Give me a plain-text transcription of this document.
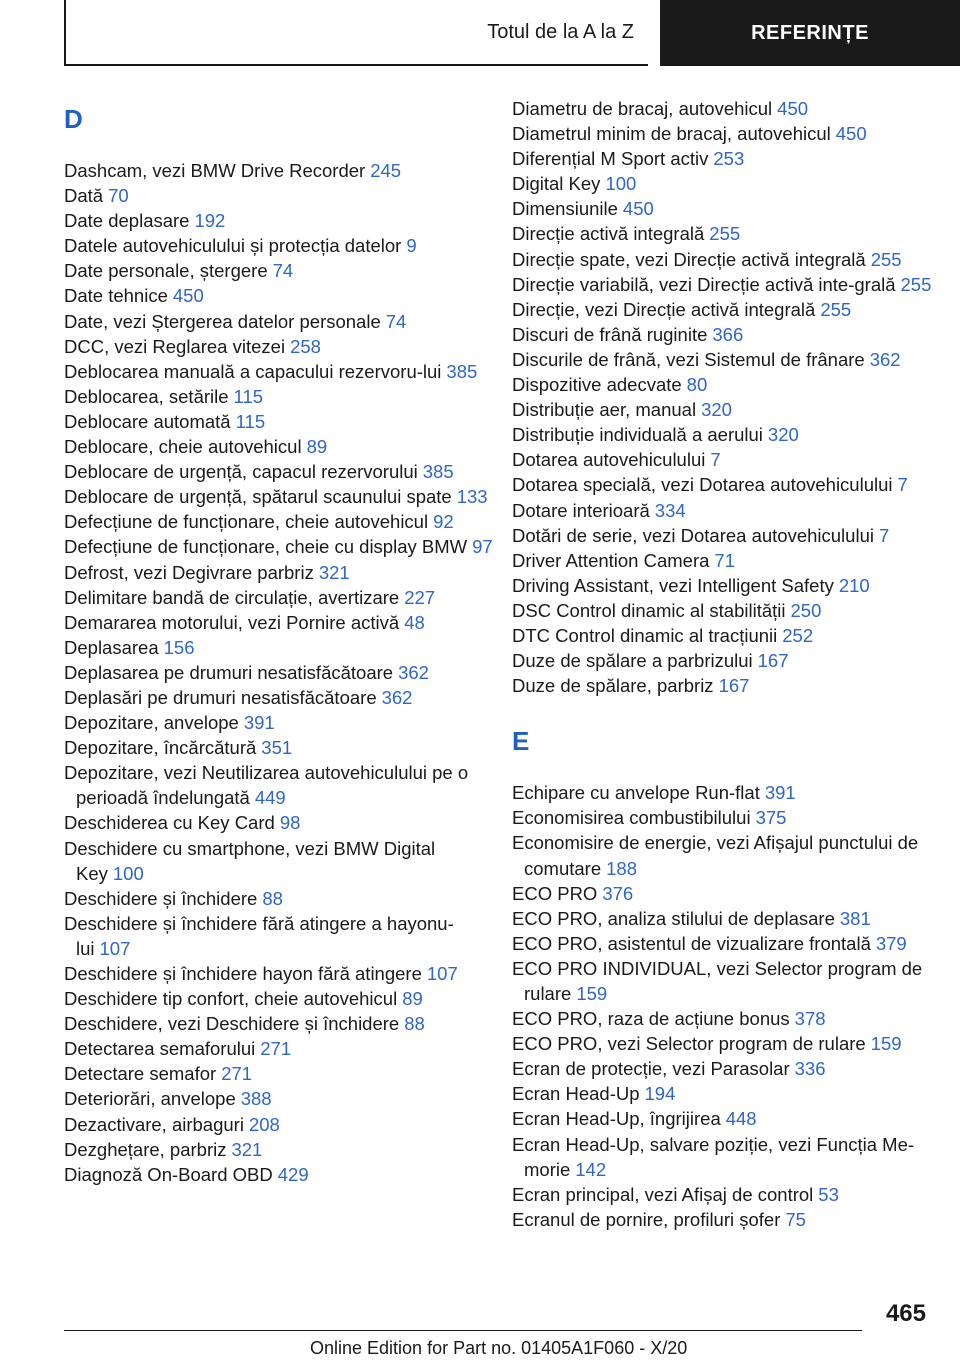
Totul de la A la Z	REFERINȚE
D
Dashcam, vezi BMW Drive Recorder 245
Dată 70
Date deplasare 192
Datele autovehiculului și protecția datelor 9
Date personale, ștergere 74
Date tehnice 450
Date, vezi Ștergerea datelor personale 74
DCC, vezi Reglarea vitezei 258
Deblocarea manuală a capacului rezervoru‐lui 385
Deblocarea, setările 115
Deblocare automată 115
Deblocare, cheie autovehicul 89
Deblocare de urgență, capacul rezervorului 385
Deblocare de urgență, spătarul scaunului spate 133
Defecțiune de funcționare, cheie autovehicul 92
Defecțiune de funcționare, cheie cu display BMW 97
Defrost, vezi Degivrare parbriz 321
Delimitare bandă de circulație, avertizare 227
Demararea motorului, vezi Pornire activă 48
Deplasarea 156
Deplasarea pe drumuri nesatisfăcătoare 362
Deplasări pe drumuri nesatisfăcătoare 362
Depozitare, anvelope 391
Depozitare, încărcătură 351
Depozitare, vezi Neutilizarea autovehiculului pe o perioadă îndelungată 449
Deschiderea cu Key Card 98
Deschidere cu smartphone, vezi BMW Digital Key 100
Deschidere și închidere 88
Deschidere și închidere fără atingere a hayonu‐lui 107
Deschidere și închidere hayon fără atingere 107
Deschidere tip confort, cheie autovehicul 89
Deschidere, vezi Deschidere și închidere 88
Detectarea semaforului 271
Detectare semafor 271
Deteriorări, anvelope 388
Dezactivare, airbaguri 208
Dezghețare, parbriz 321
Diagnoză On-Board OBD 429
Diametru de bracaj, autovehicul 450
Diametrul minim de bracaj, autovehicul 450
Diferențial M Sport activ 253
Digital Key 100
Dimensiunile 450
Direcție activă integrală 255
Direcție spate, vezi Direcție activă integrală 255
Direcție variabilă, vezi Direcție activă inte‐grală 255
Direcție, vezi Direcție activă integrală 255
Discuri de frână ruginite 366
Discurile de frână, vezi Sistemul de frânare 362
Dispozitive adecvate 80
Distribuție aer, manual 320
Distribuție individuală a aerului 320
Dotarea autovehiculului 7
Dotarea specială, vezi Dotarea autovehiculului 7
Dotare interioară 334
Dotări de serie, vezi Dotarea autovehiculului 7
Driver Attention Camera 71
Driving Assistant, vezi Intelligent Safety 210
DSC Control dinamic al stabilității 250
DTC Control dinamic al tracțiunii 252
Duze de spălare a parbrizului 167
Duze de spălare, parbriz 167
E
Echipare cu anvelope Run-flat 391
Economisirea combustibilului 375
Economisire de energie, vezi Afișajul punctului de comutare 188
ECO PRO 376
ECO PRO, analiza stilului de deplasare 381
ECO PRO, asistentul de vizualizare frontală 379
ECO PRO INDIVIDUAL, vezi Selector program de rulare 159
ECO PRO, raza de acțiune bonus 378
ECO PRO, vezi Selector program de rulare 159
Ecran de protecție, vezi Parasolar 336
Ecran Head-Up 194
Ecran Head-Up, îngrijirea 448
Ecran Head-Up, salvare poziție, vezi Funcția Me‐morie 142
Ecran principal, vezi Afișaj de control 53
Ecranul de pornire, profiluri șofer 75
465
Online Edition for Part no. 01405A1F060 - X/20
